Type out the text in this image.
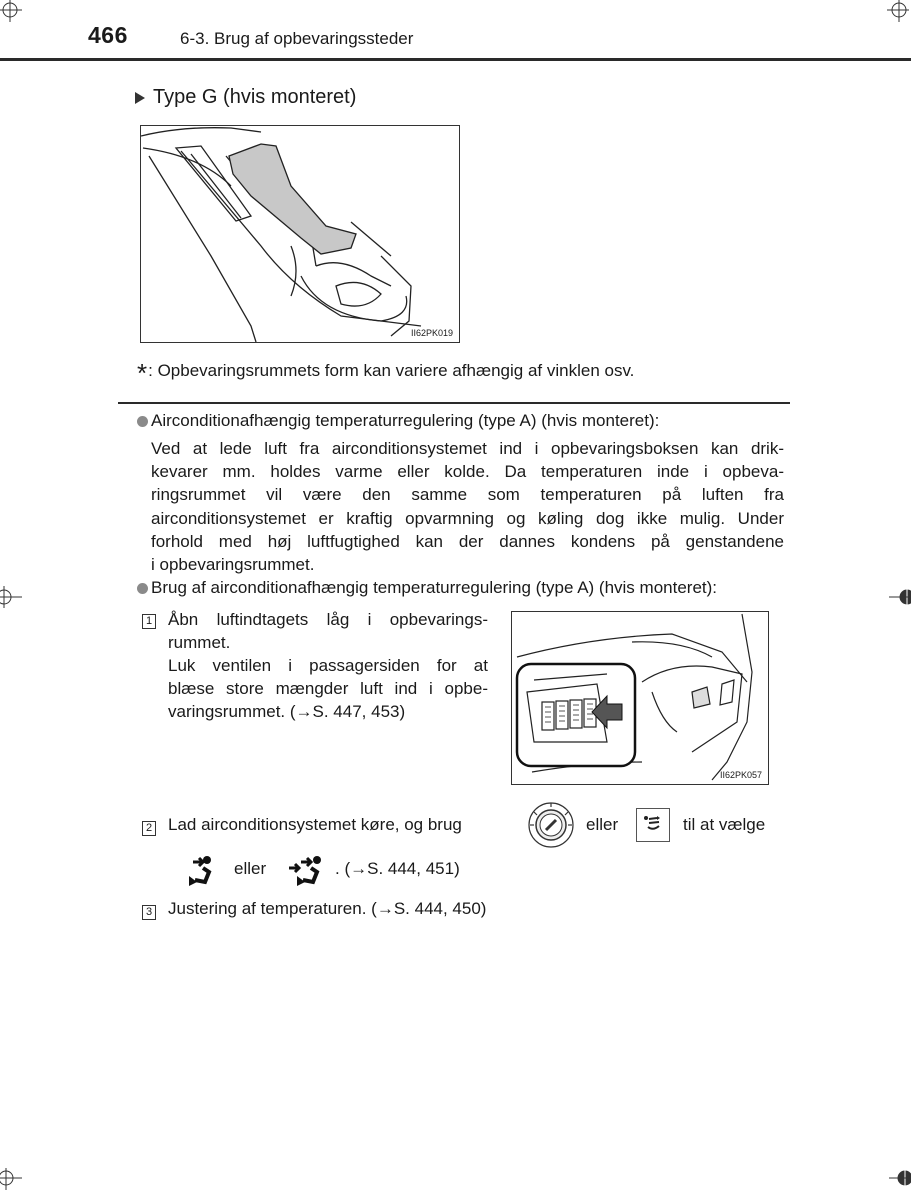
466	6-3. Brug af opbevaringssteder
Type G (hvis monteret)
II62PK019
*: Opbevaringsrummets form kan variere afhængig af vinklen osv.
Airconditionafhængig temperaturregulering (type A) (hvis monteret):
Ved at lede luft fra airconditionsystemet ind i opbevaringsboksen kan drik-
kevarer mm. holdes varme eller kolde. Da temperaturen inde i opbeva-
ringsrummet vil være den samme som temperaturen på luften fra
airconditionsystemet er kraftig opvarmning og køling dog ikke mulig. Under
forhold med høj luftfugtighed kan der dannes kondens på genstandene
i opbevaringsrummet.
Brug af airconditionafhængig temperaturregulering (type A) (hvis monteret):
1 Åbn luftindtagets låg i opbevarings-
rummet.
Luk ventilen i passagersiden for at
blæse store mængder luft ind i opbe-
varingsrummet. (→S. 447, 453)
II62PK057
2 Lad airconditionsystemet køre, og brug	eller	til at vælge
eller	. (→S. 444, 451)
3 Justering af temperaturen. (→S. 444, 450)
